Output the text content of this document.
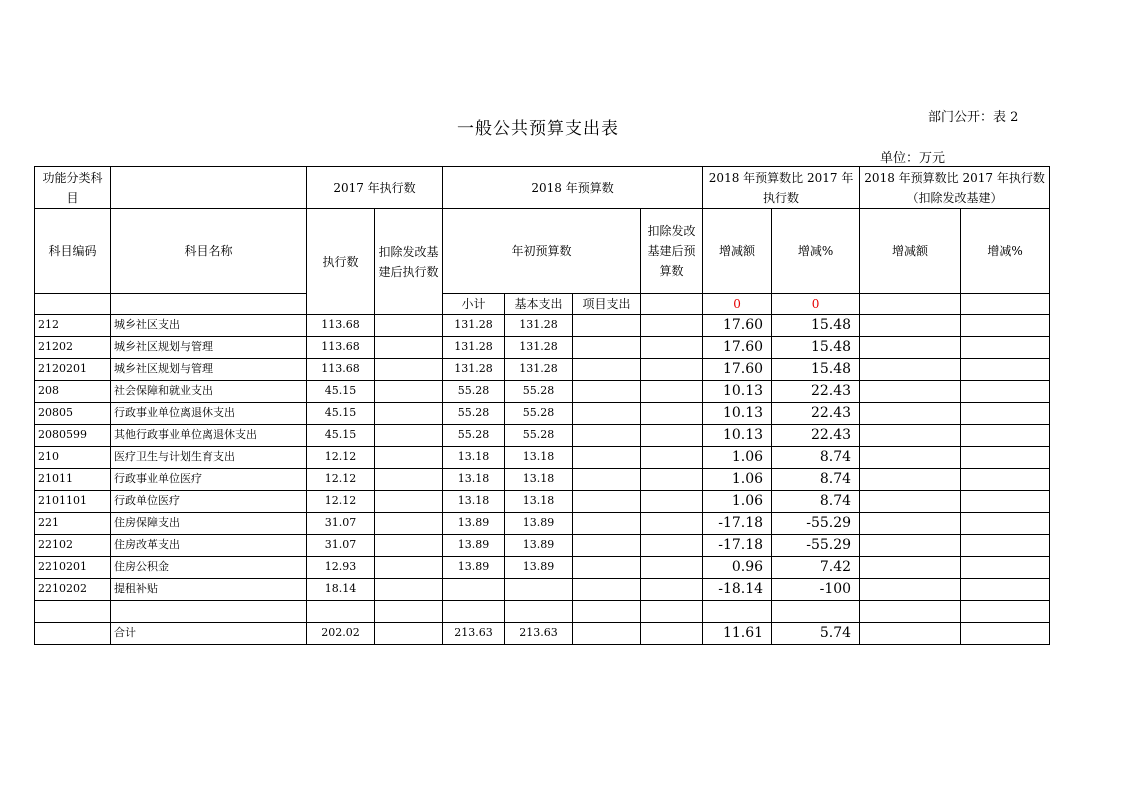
部门公开：表 2
一般公共预算支出表
单位：万元
功能分类科目		2017 年执行数		2018 年预算数				2018 年预算数比 2017 年执行数		2018 年预算数比 2017 年执行数（扣除发改基建）	
科目编码	科目名称	执行数	扣除发改基建后执行数	年初预算数			扣除发改基建后预算数	增减额	增减%	增减额	增减%
				小计	基本支出	项目支出		0	0		
212	城乡社区支出	113.68		131.28	131.28			17.60	15.48		
21202	城乡社区规划与管理	113.68		131.28	131.28			17.60	15.48		
2120201	城乡社区规划与管理	113.68		131.28	131.28			17.60	15.48		
208	社会保障和就业支出	45.15		55.28	55.28			10.13	22.43		
20805	行政事业单位离退休支出	45.15		55.28	55.28			10.13	22.43		
2080599	其他行政事业单位离退休支出	45.15		55.28	55.28			10.13	22.43		
210	医疗卫生与计划生育支出	12.12		13.18	13.18			1.06	8.74		
21011	行政事业单位医疗	12.12		13.18	13.18			1.06	8.74		
2101101	行政单位医疗	12.12		13.18	13.18			1.06	8.74		
221	住房保障支出	31.07		13.89	13.89			-17.18	-55.29		
22102	住房改革支出	31.07		13.89	13.89			-17.18	-55.29		
2210201	住房公积金	12.93		13.89	13.89			0.96	7.42		
2210202	提租补贴	18.14						-18.14	-100		

	合计	202.02		213.63	213.63			11.61	5.74		
